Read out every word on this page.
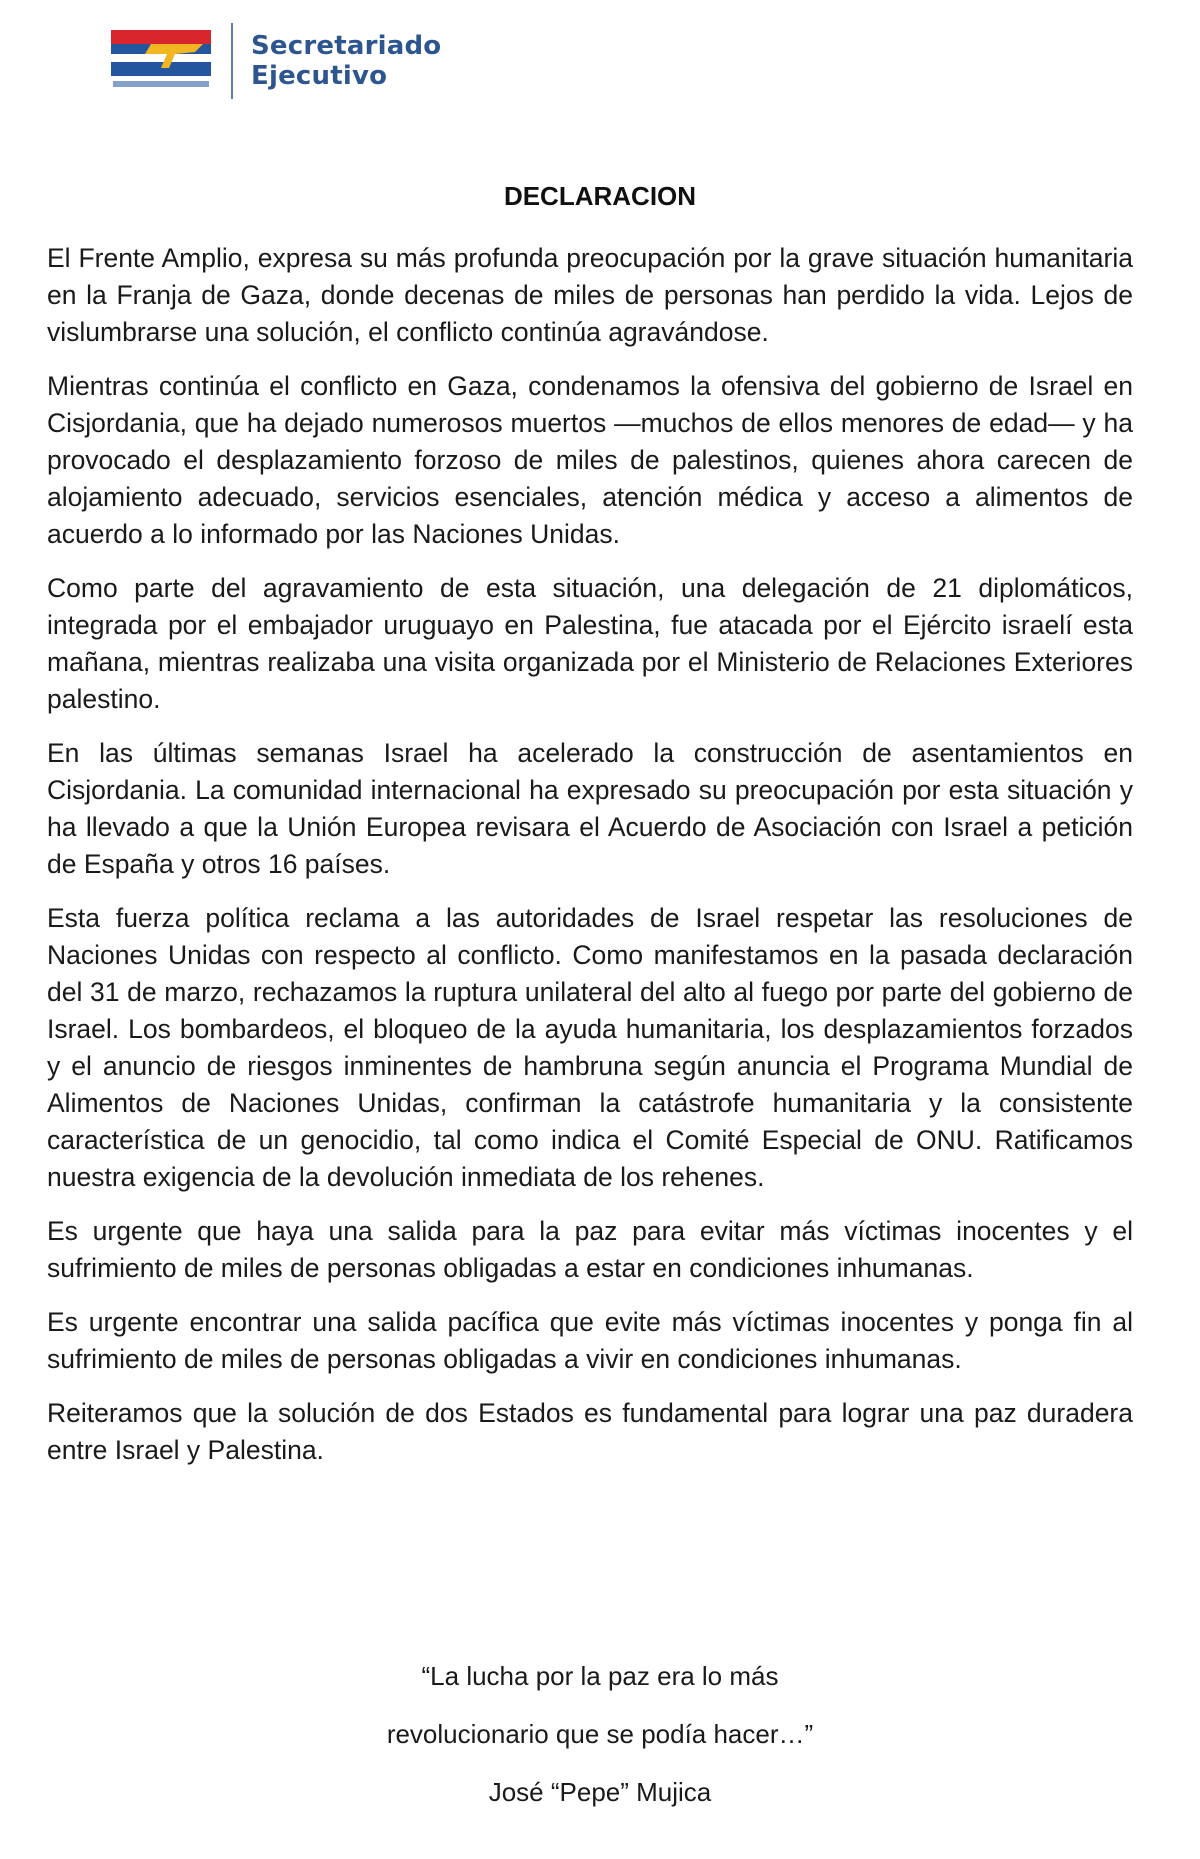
Secretariado
Ejecutivo
DECLARACION

El Frente Amplio, expresa su más profunda preocupación por la grave situación humanitaria en la Franja de Gaza, donde decenas de miles de personas han perdido la vida. Lejos de vislumbrarse una solución, el conflicto continúa agravándose.

Mientras continúa el conflicto en Gaza, condenamos la ofensiva del gobierno de Israel en Cisjordania, que ha dejado numerosos muertos —muchos de ellos menores de edad— y ha provocado el desplazamiento forzoso de miles de palestinos, quienes ahora carecen de alojamiento adecuado, servicios esenciales, atención médica y acceso a alimentos de acuerdo a lo informado por las Naciones Unidas.

Como parte del agravamiento de esta situación, una delegación de 21 diplomáticos, integrada por el embajador uruguayo en Palestina, fue atacada por el Ejército israelí esta mañana, mientras realizaba una visita organizada por el Ministerio de Relaciones Exteriores palestino.

En las últimas semanas Israel ha acelerado la construcción de asentamientos en Cisjordania. La comunidad internacional ha expresado su preocupación por esta situación y ha llevado a que la Unión Europea revisara el Acuerdo de Asociación con Israel a petición de España y otros 16 países.

Esta fuerza política reclama a las autoridades de Israel respetar las resoluciones de Naciones Unidas con respecto al conflicto. Como manifestamos en la pasada declaración del 31 de marzo, rechazamos la ruptura unilateral del alto al fuego por parte del gobierno de Israel. Los bombardeos, el bloqueo de la ayuda humanitaria, los desplazamientos forzados y el anuncio de riesgos inminentes de hambruna según anuncia el Programa Mundial de Alimentos de Naciones Unidas, confirman la catástrofe humanitaria y la consistente característica de un genocidio, tal como indica el Comité Especial de ONU. Ratificamos nuestra exigencia de la devolución inmediata de los rehenes.

Es urgente que haya una salida para la paz para evitar más víctimas inocentes y el sufrimiento de miles de personas obligadas a estar en condiciones inhumanas.

Es urgente encontrar una salida pacífica que evite más víctimas inocentes y ponga fin al sufrimiento de miles de personas obligadas a vivir en condiciones inhumanas.

Reiteramos que la solución de dos Estados es fundamental para lograr una paz duradera entre Israel y Palestina.

“La lucha por la paz era lo más
revolucionario que se podía hacer…”
José “Pepe” Mujica
